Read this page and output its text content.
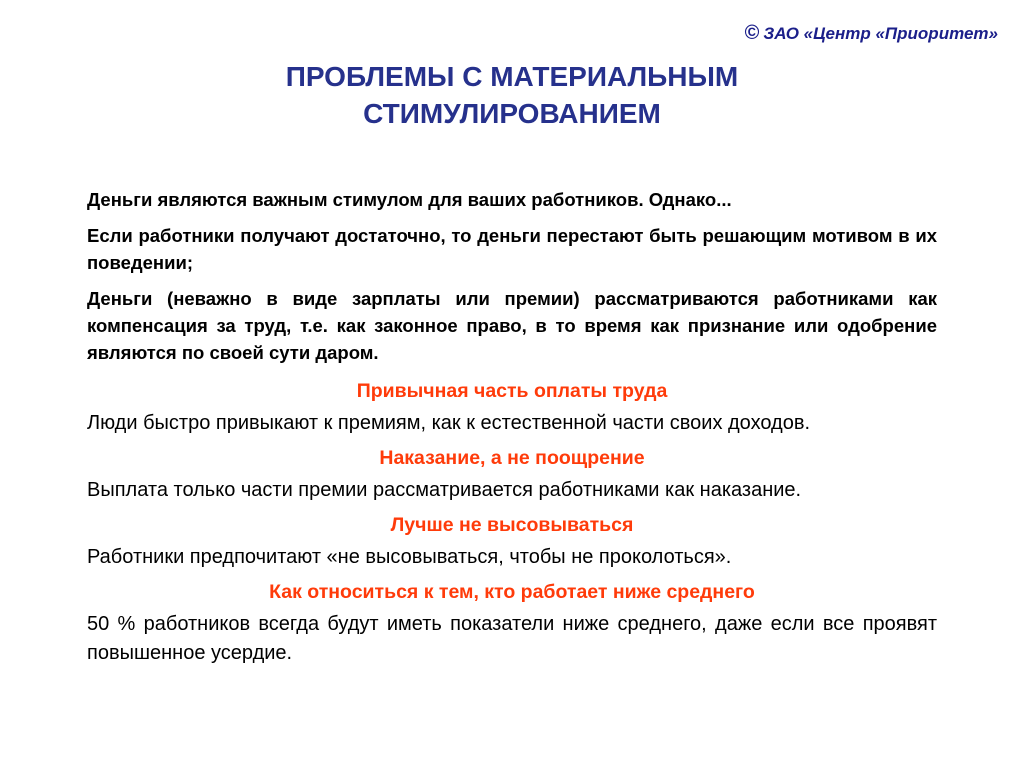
© ЗАО «Центр «Приоритет»
ПРОБЛЕМЫ С МАТЕРИАЛЬНЫМ
СТИМУЛИРОВАНИЕМ

Деньги являются важным стимулом для ваших работников. Однако...

Если работники получают достаточно, то деньги перестают быть решающим мотивом в их поведении;

Деньги (неважно в виде зарплаты или премии) рассматриваются работниками как компенсация за труд, т.е. как законное право, в то время как признание или одобрение являются по своей сути даром.

Привычная часть оплаты труда

Люди быстро привыкают к премиям, как к естественной части своих доходов.

Наказание, а не поощрение

Выплата только части премии рассматривается работниками как наказание.

Лучше не высовываться

Работники предпочитают «не высовываться, чтобы не проколоться».

Как относиться к тем, кто работает ниже среднего

50 % работников всегда будут иметь показатели ниже среднего, даже если все проявят повышенное усердие.
